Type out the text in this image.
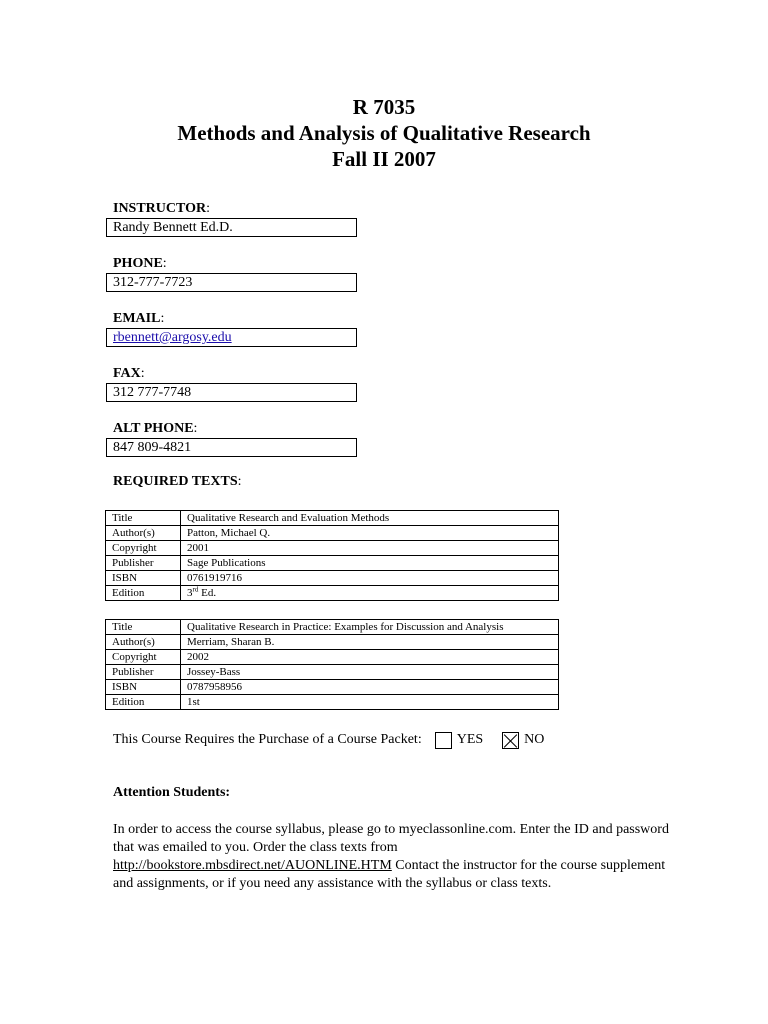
R 7035
Methods and Analysis of Qualitative Research
Fall II 2007
INSTRUCTOR:
Randy Bennett Ed.D.
PHONE:
312-777-7723
EMAIL:
rbennett@argosy.edu
FAX:
312 777-7748
ALT PHONE:
847 809-4821
REQUIRED TEXTS:
Title	Qualitative Research and Evaluation Methods
Author(s)	Patton, Michael Q.
Copyright	2001
Publisher	Sage Publications
ISBN	0761919716
Edition	3rd Ed.
Title	Qualitative Research in Practice: Examples for Discussion and Analysis
Author(s)	Merriam, Sharan B.
Copyright	2002
Publisher	Jossey-Bass
ISBN	0787958956
Edition	1st
This Course Requires the Purchase of a Course Packet:	YES	NO
Attention Students:
In order to access the course syllabus, please go to myeclassonline.com. Enter the ID and password that was emailed to you. Order the class texts from http://bookstore.mbsdirect.net/AUONLINE.HTM Contact the instructor for the course supplement and assignments, or if you need any assistance with the syllabus or class texts.
